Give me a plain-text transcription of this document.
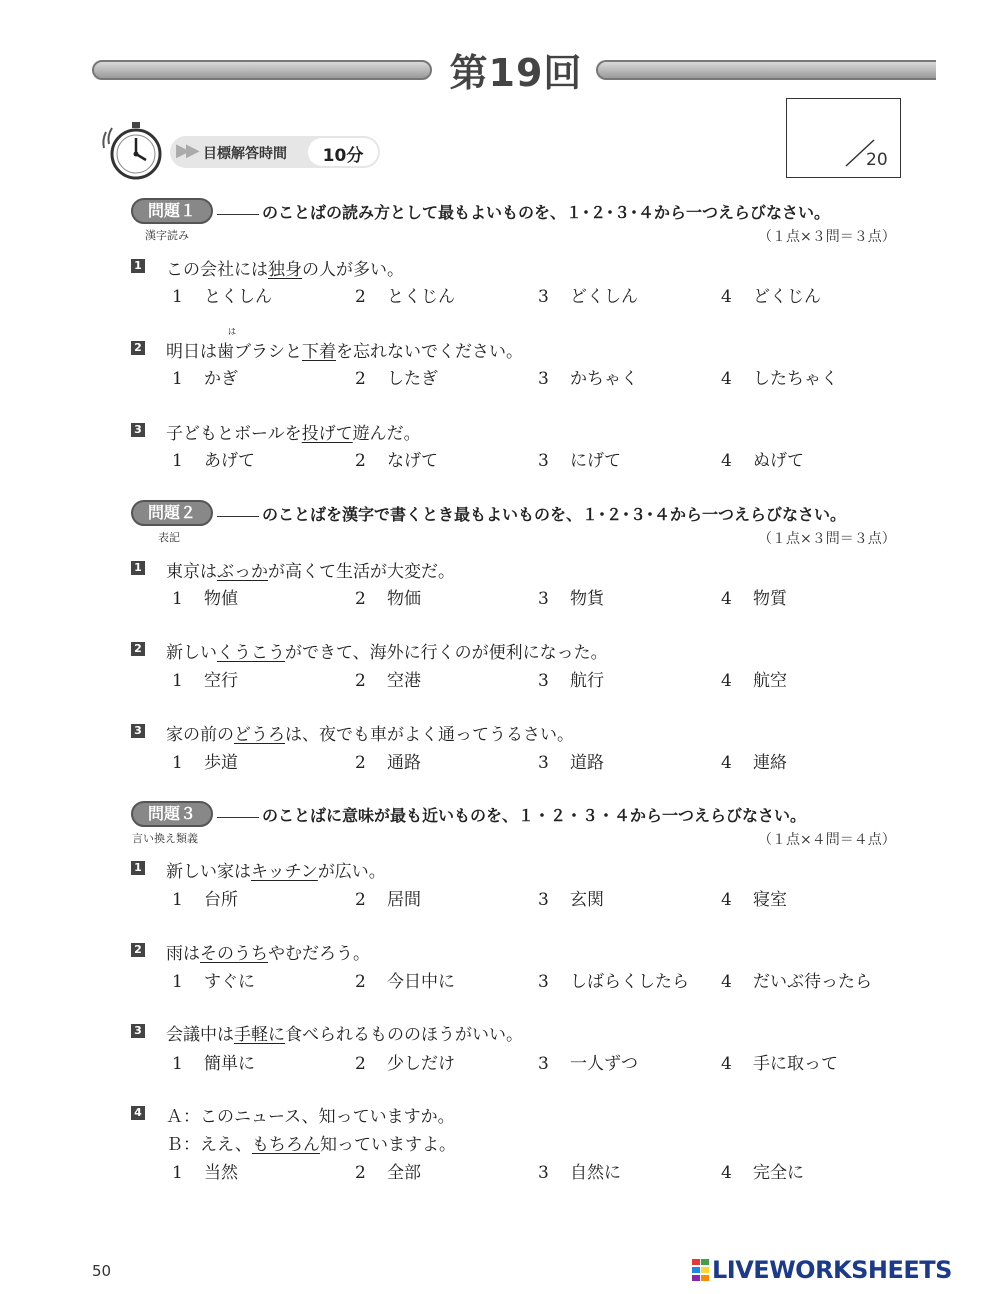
第19回
▶▶ 目標解答時間	10分	20
問題１	のことばの読み方として最もよいものを、１･２･３･４から一つえらびなさい。
漢字読み	（１点×３問＝３点）
1 この会社には独身の人が多い。
1 とくしん	2 とくじん	3 どくしん	4 どくじん
2
は
明日は歯ブラシと下着を忘れないでください。
1 かぎ	2 したぎ	3 かちゃく	4 したちゃく
3 子どもとボールを投げて遊んだ。
1 あげて	2 なげて	3 にげて	4 ぬげて
問題２	のことばを漢字で書くとき最もよいものを、１･２･３･４から一つえらびなさい。
表記	（１点×３問＝３点）
1 東京はぶっかが高くて生活が大変だ。
1 物値	2 物価	3 物貨	4 物質
2 新しいくうこうができて、海外に行くのが便利になった。
1 空行	2 空港	3 航行	4 航空
3 家の前のどうろは、夜でも車がよく通ってうるさい。
1 歩道	2 通路	3 道路	4 連絡
問題３	のことばに意味が最も近いものを、１・２・３・４から一つえらびなさい。
言い換え類義	（１点×４問＝４点）
1 新しい家はキッチンが広い。
1 台所	2 居間	3 玄関	4 寝室
2 雨はそのうちやむだろう。
1 すぐに	2 今日中に	3 しばらくしたら 4 だいぶ待ったら
3 会議中は手軽に食べられるもののほうがいい。
1 簡単に	2 少しだけ	3 一人ずつ	4 手に取って
4 Ａ：このニュース、知っていますか。
Ｂ：ええ、もちろん知っていますよ。
1 当然	2 全部	3 自然に	4 完全に
50	LIVEWORKSHEETS
